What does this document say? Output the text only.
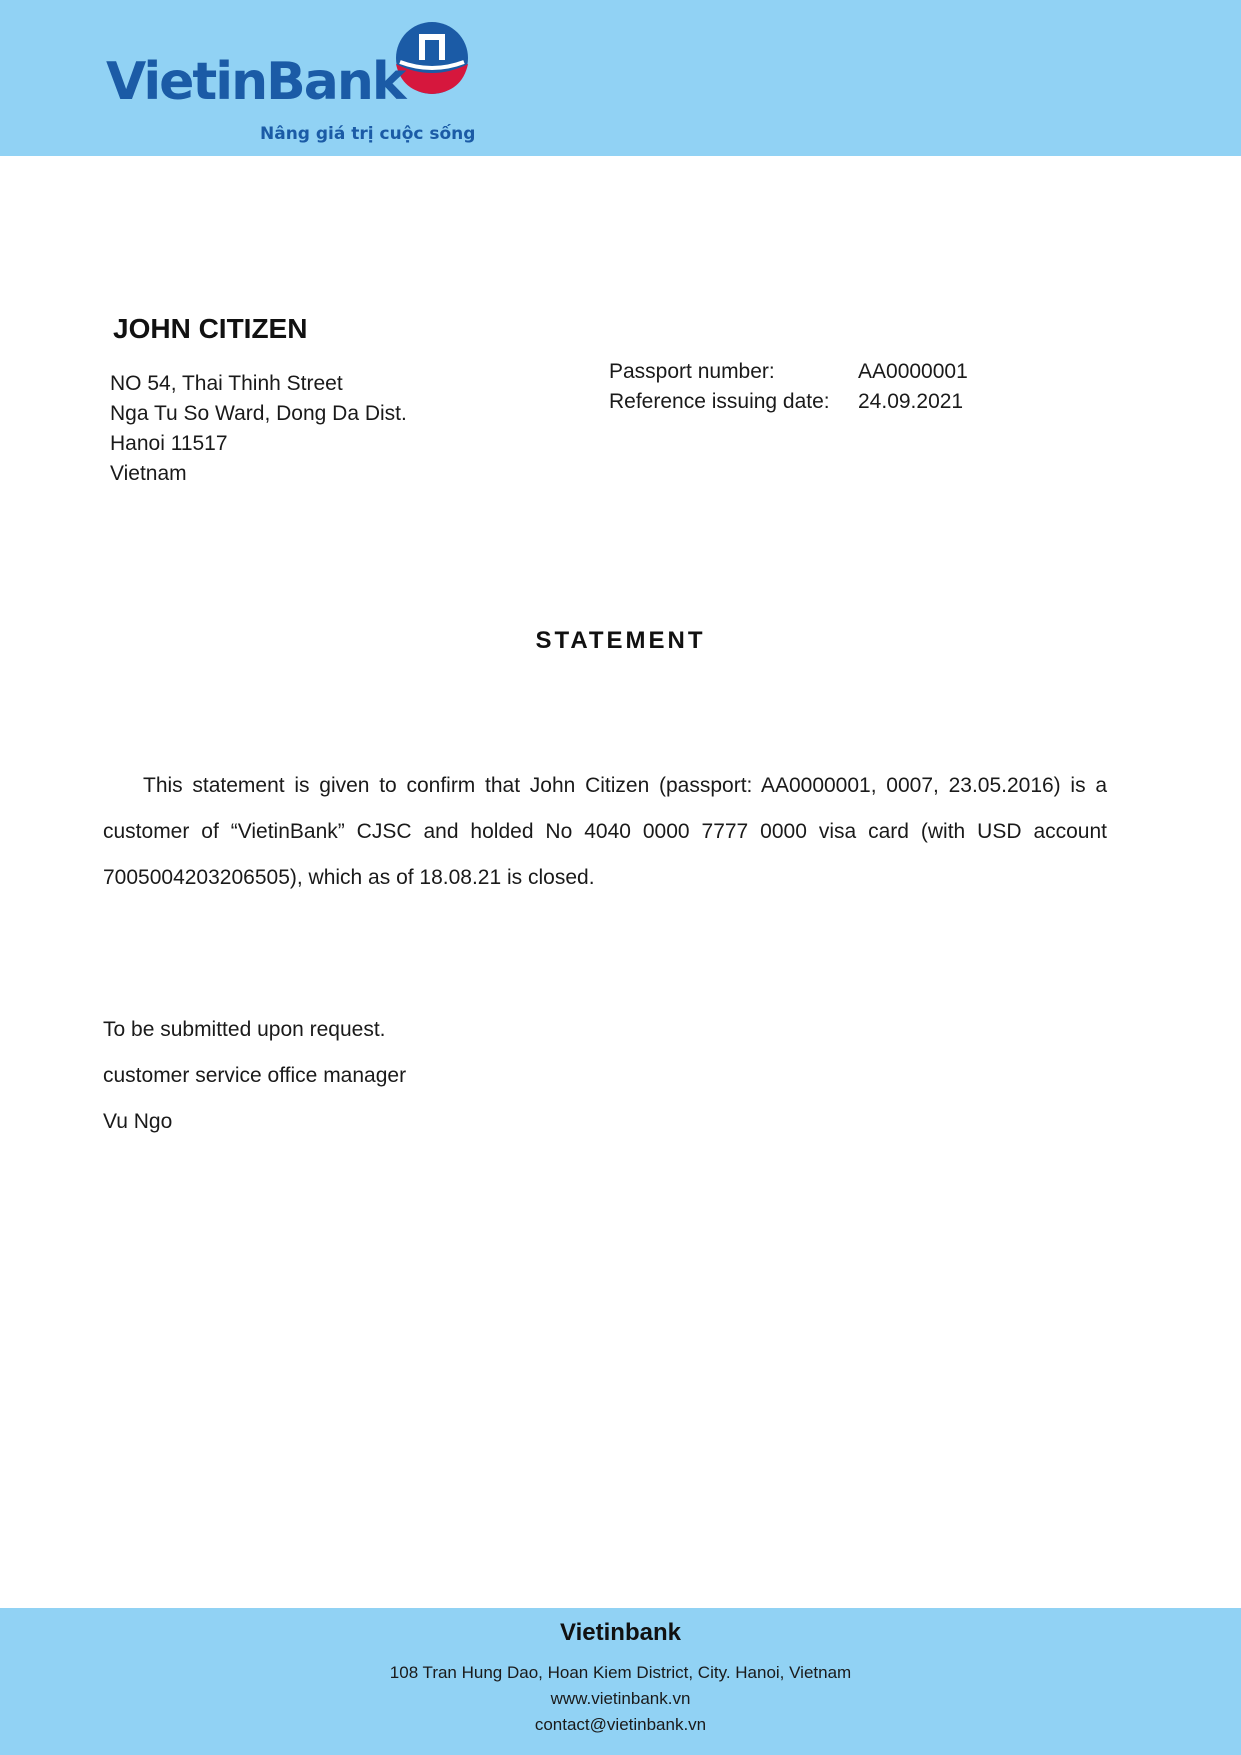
VietinBank
Nâng giá trị cuộc sống
JOHN CITIZEN
NO 54, Thai Thinh Street
Nga Tu So Ward, Dong Da Dist.
Hanoi 11517
Vietnam
Passport number:	AA0000001
Reference issuing date:	24.09.2021
STATEMENT
This statement is given to confirm that John Citizen (passport: AA0000001, 0007, 23.05.2016) is a customer of “VietinBank” CJSC and holded No 4040 0000 7777 0000 visa card (with USD account 7005004203206505), which as of 18.08.21 is closed.
To be submitted upon request.
customer service office manager
Vu Ngo
Vietinbank
108 Tran Hung Dao, Hoan Kiem District, City. Hanoi, Vietnam
www.vietinbank.vn
contact@vietinbank.vn
